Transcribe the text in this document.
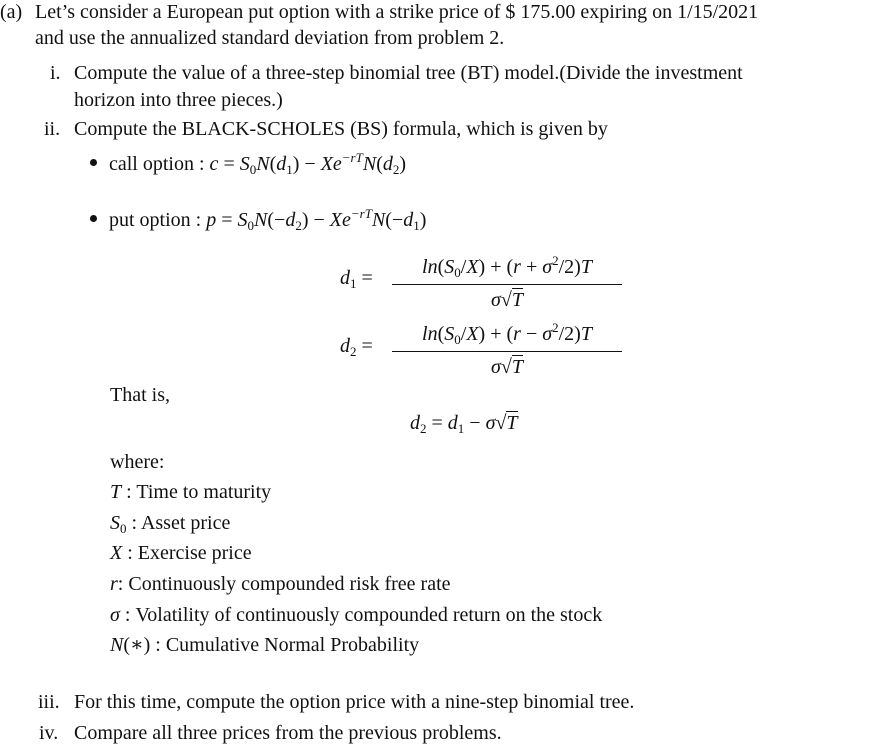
(a) Let’s consider a European put option with a strike price of $ 175.00 expiring on 1/15/2021
and use the annualized standard deviation from problem 2.
i. Compute the value of a three-step binomial tree (BT) model.(Divide the investment
horizon into three pieces.)
ii. Compute the BLACK-SCHOLES (BS) formula, which is given by
call option : $c = S_0N(d_1) - Xe^{-rT}N(d_2)$
put option : $p = S_0N(-d_2) - Xe^{-rT}N(-d_1)$
$d_1 = \frac{\ln(S_0/X) + (r + \sigma^2/2)T}{\sigma√T}$
$d_2 = \frac{\ln(S_0/X) + (r - \sigma^2/2)T}{\sigma√T}$
That is,
$d_2 = d_1 - \sigma√T$
where:
T : Time to maturity
$S_0$ : Asset price
X : Exercise price
r: Continuously compounded risk free rate
σ : Volatility of continuously compounded return on the stock
N(∗) : Cumulative Normal Probability
iii. For this time, compute the option price with a nine-step binomial tree.
iv. Compare all three prices from the previous problems.
